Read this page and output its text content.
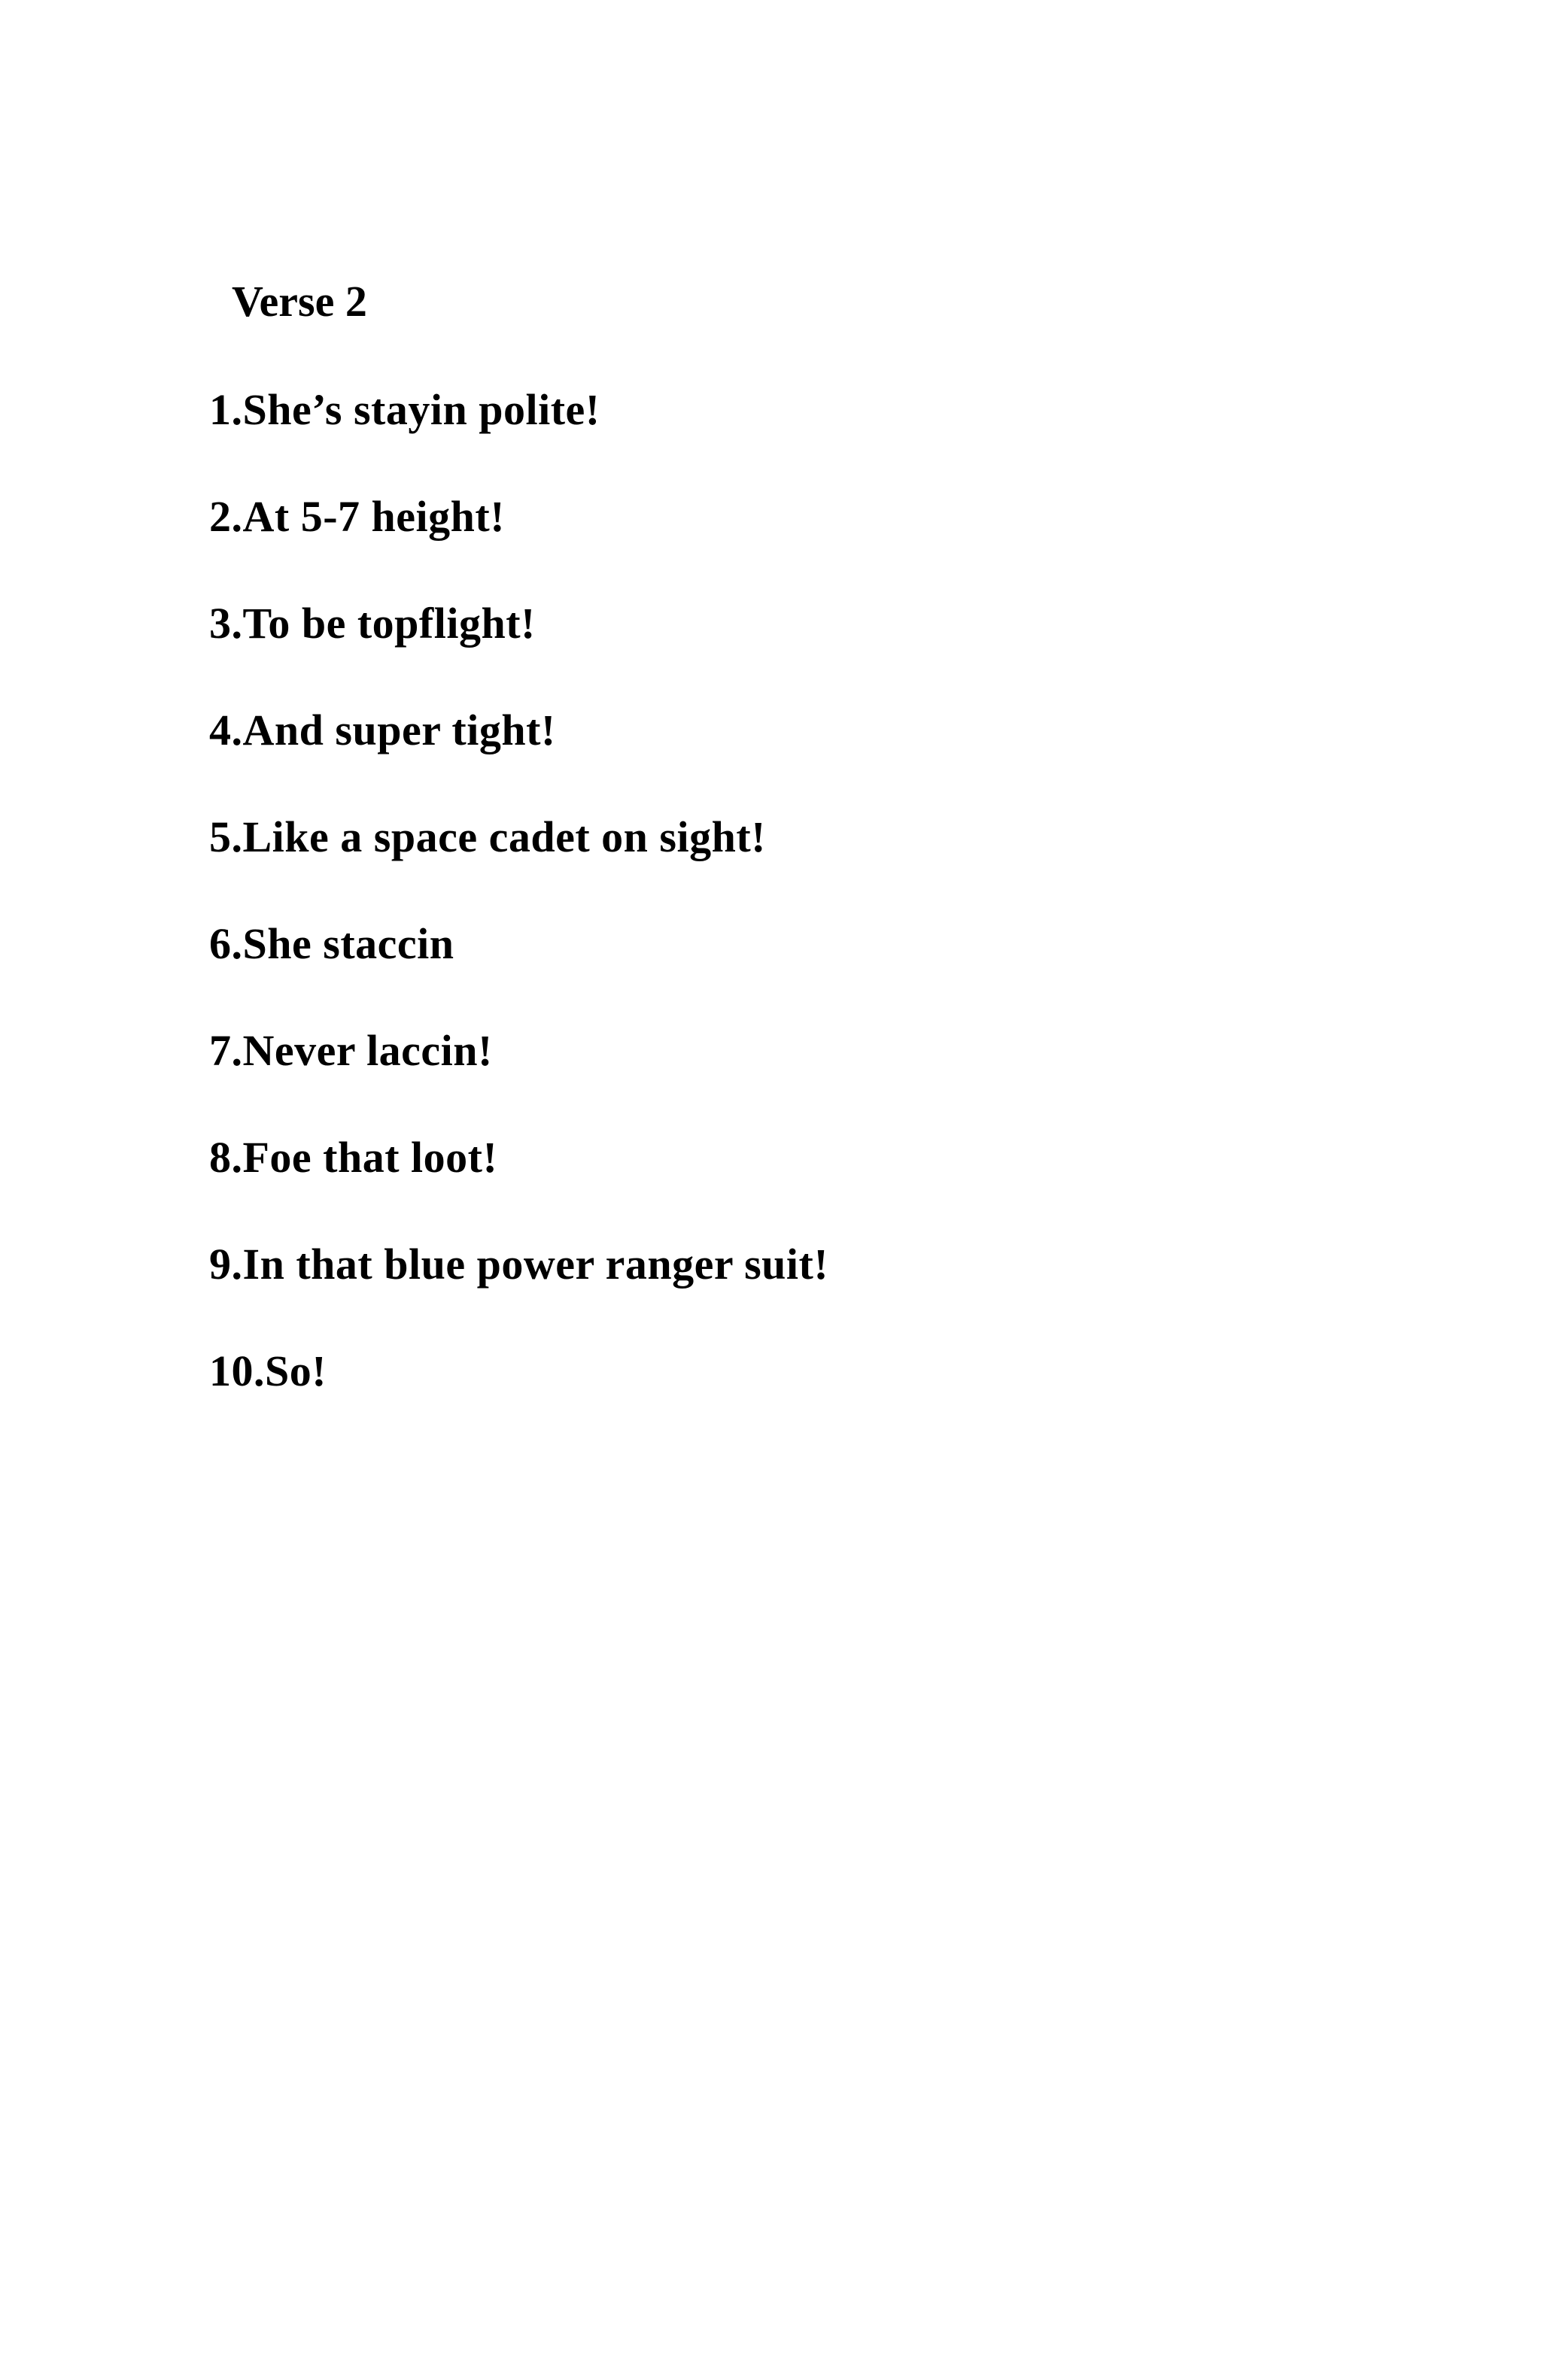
Verse 2
1.She’s stayin polite!
2.At 5-7 height!
3.To be topflight!
4.And super tight!
5.Like a space cadet on sight!
6.She staccin
7.Never laccin!
8.Foe that loot!
9.In that blue power ranger suit!
10.So!
